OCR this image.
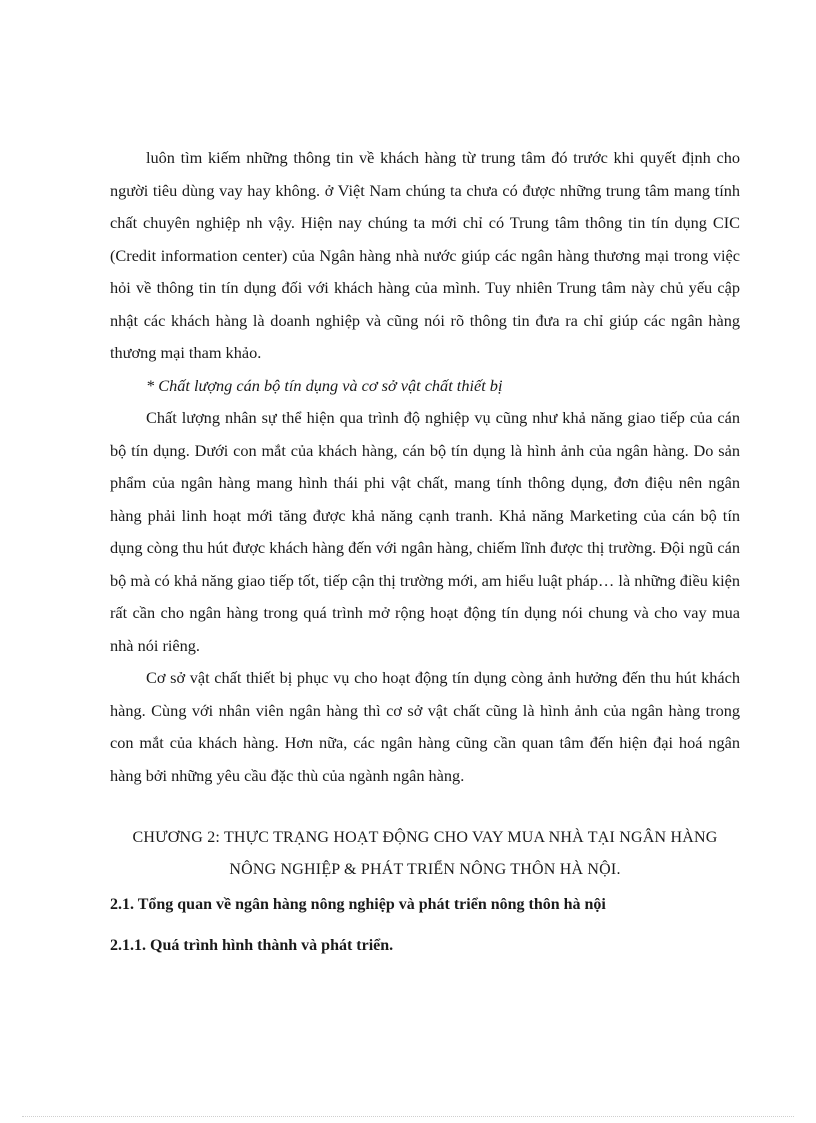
luôn tìm kiếm những thông tin về khách hàng từ trung tâm đó trước khi quyết định cho người tiêu dùng vay hay không. ở Việt Nam chúng ta chưa có được những trung tâm mang tính chất chuyên nghiệp nh vậy. Hiện nay chúng ta mới chỉ có Trung tâm thông tin tín dụng CIC (Credit information center) của Ngân hàng nhà nước giúp các ngân hàng thương mại trong việc hỏi về thông tin tín dụng đối với khách hàng của mình. Tuy nhiên Trung tâm này chủ yếu cập nhật các khách hàng là doanh nghiệp và cũng nói rõ thông tin đưa ra chỉ giúp các ngân hàng thương mại tham khảo.

* Chất lượng cán bộ tín dụng và cơ sở vật chất thiết bị

Chất lượng nhân sự thể hiện qua trình độ nghiệp vụ cũng như khả năng giao tiếp của cán bộ tín dụng. Dưới con mắt của khách hàng, cán bộ tín dụng là hình ảnh của ngân hàng. Do sản phẩm của ngân hàng mang hình thái phi vật chất, mang tính thông dụng, đơn điệu nên ngân hàng phải linh hoạt mới tăng được khả năng cạnh tranh. Khả năng Marketing của cán bộ tín dụng còng thu hút được khách hàng đến với ngân hàng, chiếm lĩnh được thị trường. Đội ngũ cán bộ mà có khả năng giao tiếp tốt, tiếp cận thị trường mới, am hiểu luật pháp… là những điều kiện rất cần cho ngân hàng trong quá trình mở rộng hoạt động tín dụng nói chung và cho vay mua nhà nói riêng.

Cơ sở vật chất thiết bị phục vụ cho hoạt động tín dụng còng ảnh hưởng đến thu hút khách hàng. Cùng với nhân viên ngân hàng thì cơ sở vật chất cũng là hình ảnh của ngân hàng trong con mắt của khách hàng. Hơn nữa, các ngân hàng cũng cần quan tâm đến hiện đại hoá ngân hàng bởi những yêu cầu đặc thù của ngành ngân hàng.

CHƯƠNG 2: THỰC TRẠNG HOẠT ĐỘNG CHO VAY MUA NHÀ TẠI NGÂN HÀNG NÔNG NGHIỆP & PHÁT TRIỂN NÔNG THÔN HÀ NỘI.

2.1. Tổng quan về ngân hàng nông nghiệp và phát triển nông thôn hà nội

2.1.1. Quá trình hình thành và phát triển.
